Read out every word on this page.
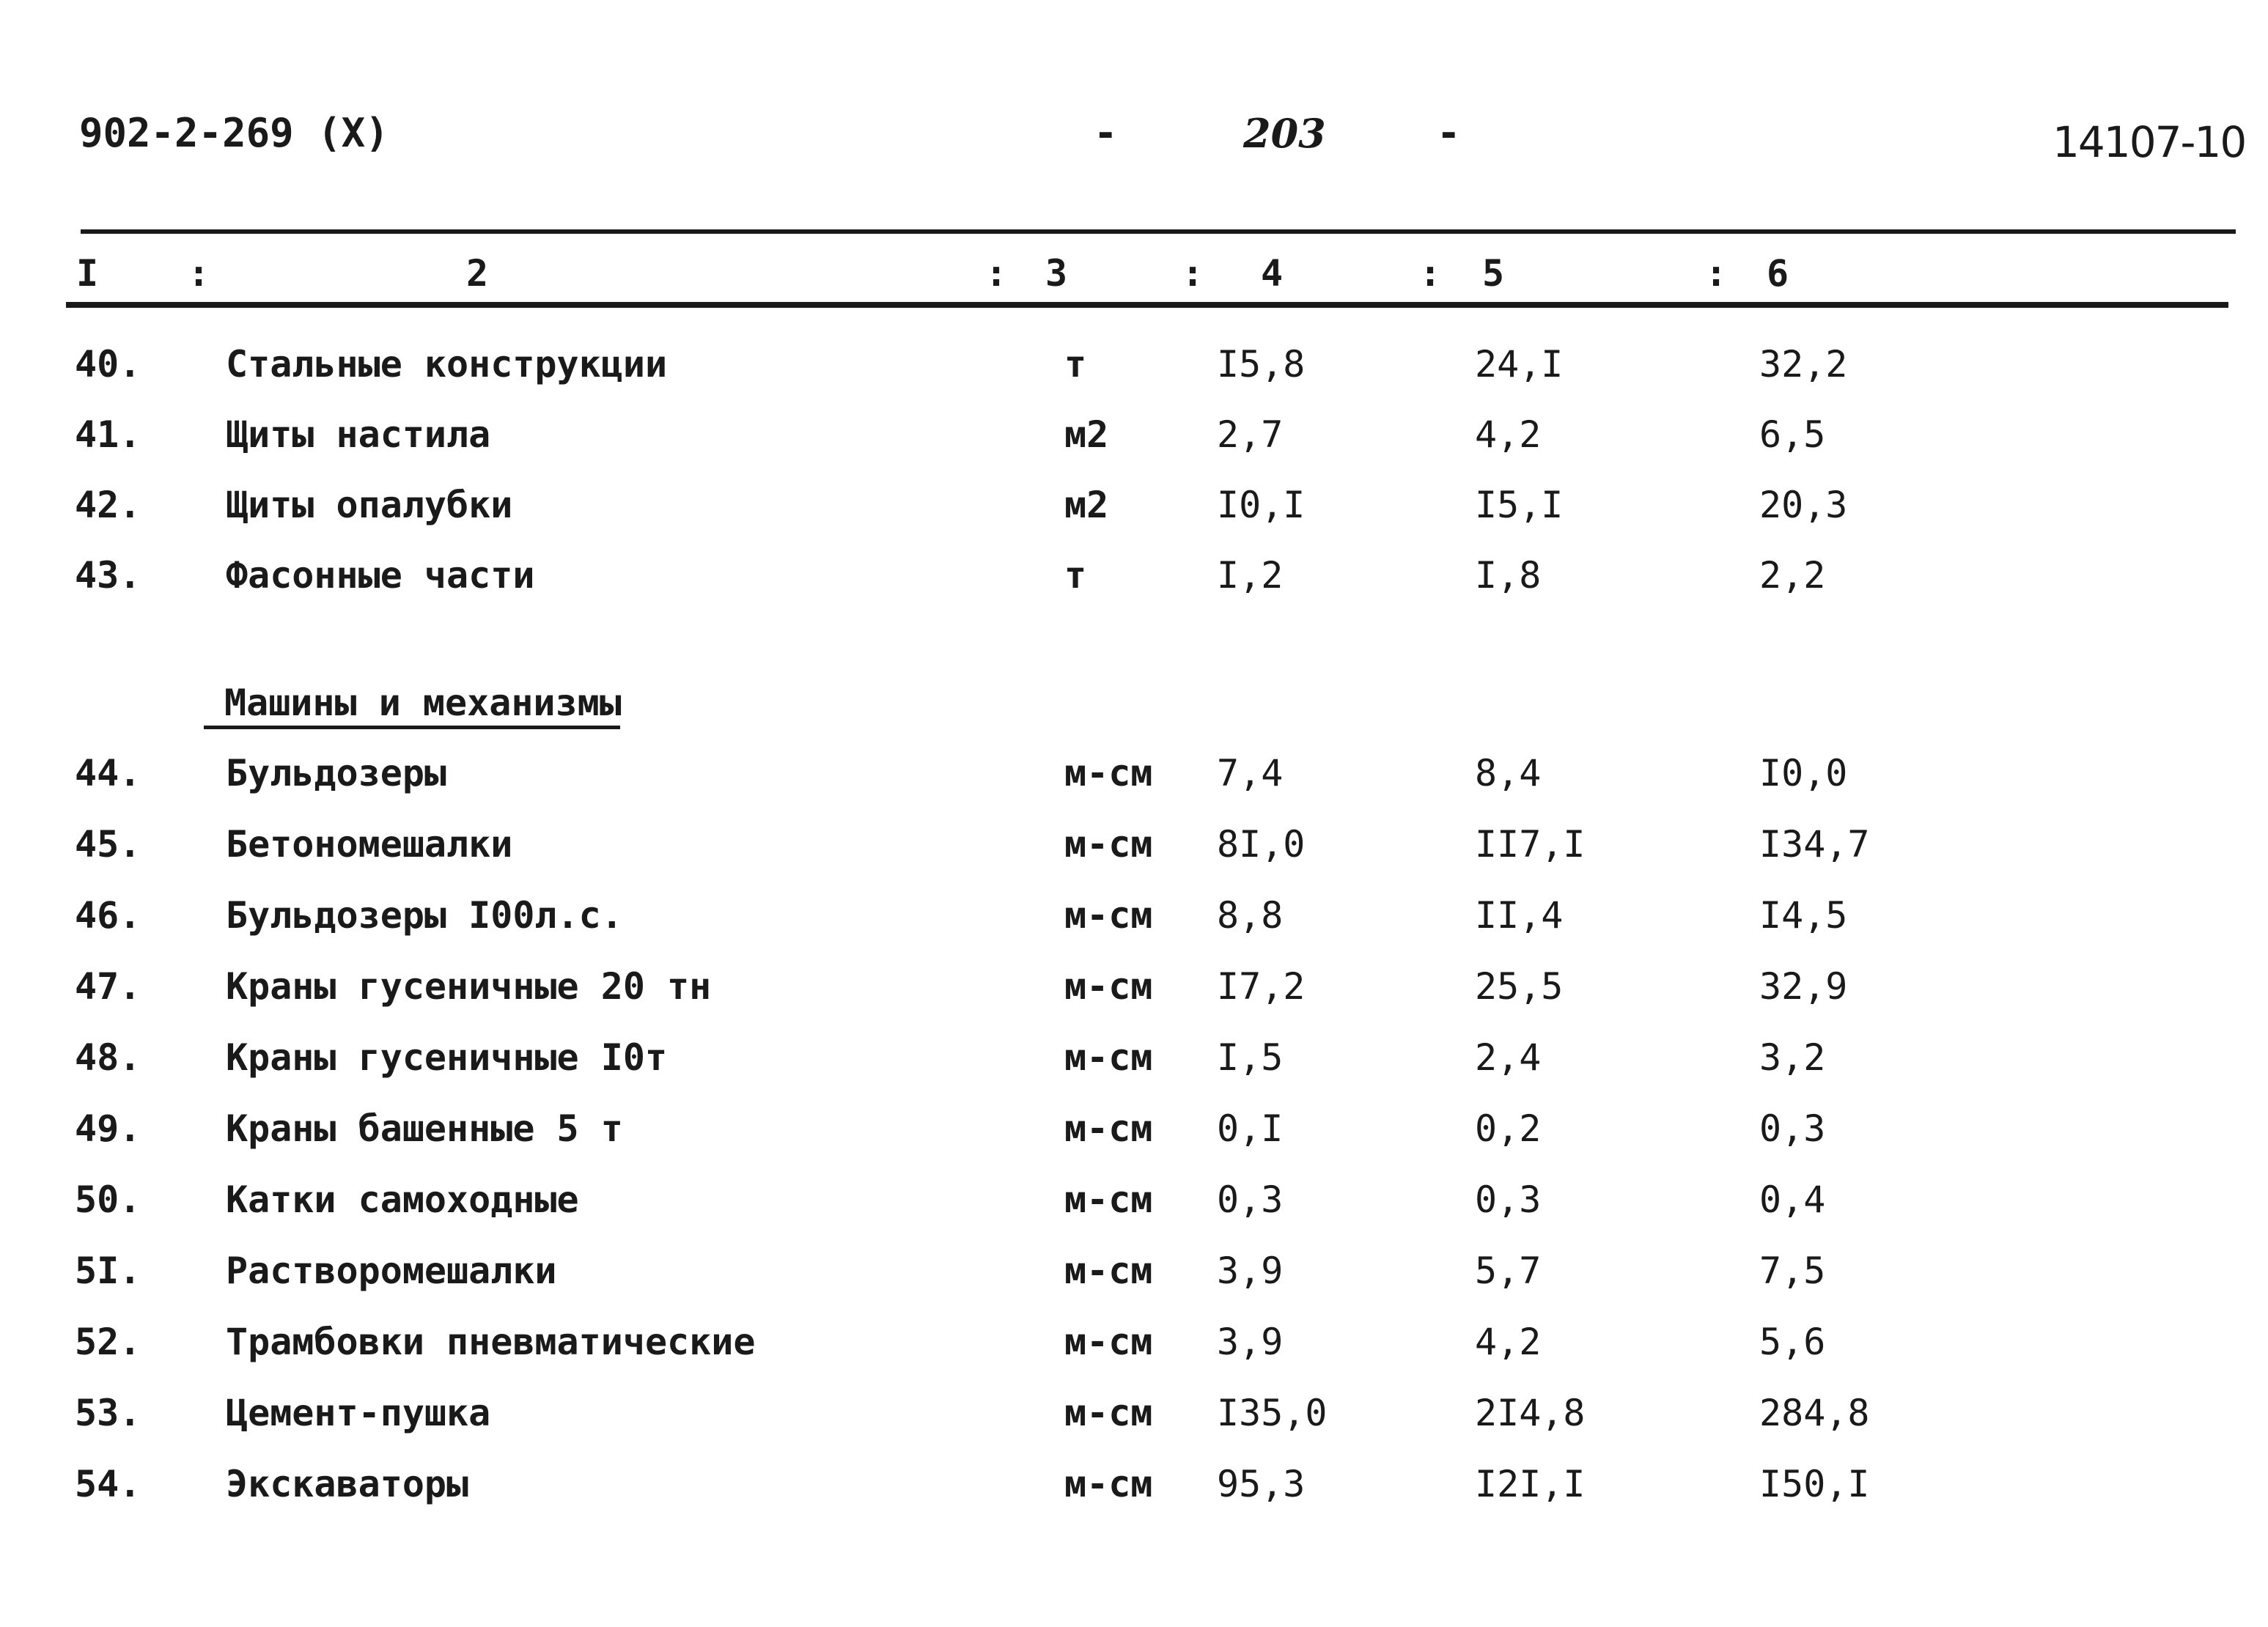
902-2-269 (X)	-	203	-	14107-10
I :	2	: 3	: 4	: 5	: 6
Машины и механизмы
40. Стальные конструкции	т	I5,8	24,I	32,2
41. Щиты настила	м2	2,7	4,2	6,5
42. Щиты опалубки	м2	I0,I	I5,I	20,3
43. Фасонные части	т	I,2	I,8	2,2
44. Бульдозеры	м-см 7,4	8,4	I0,0
45. Бетономешалки	м-см 8I,0	II7,I	I34,7
46. Бульдозеры I00л.с.	м-см 8,8	II,4	I4,5
47. Краны гусеничные 20 тн	м-см I7,2	25,5	32,9
48. Краны гусеничные I0т	м-см I,5	2,4	3,2
49. Краны башенные 5 т	м-см 0,I	0,2	0,3
50. Катки самоходные	м-см 0,3	0,3	0,4
5I. Растворомешалки	м-см 3,9	5,7	7,5
52. Трамбовки пневматические	м-см 3,9	4,2	5,6
53. Цемент-пушка	м-см I35,0	2I4,8	284,8
54. Экскаваторы	м-см 95,3	I2I,I	I50,I
